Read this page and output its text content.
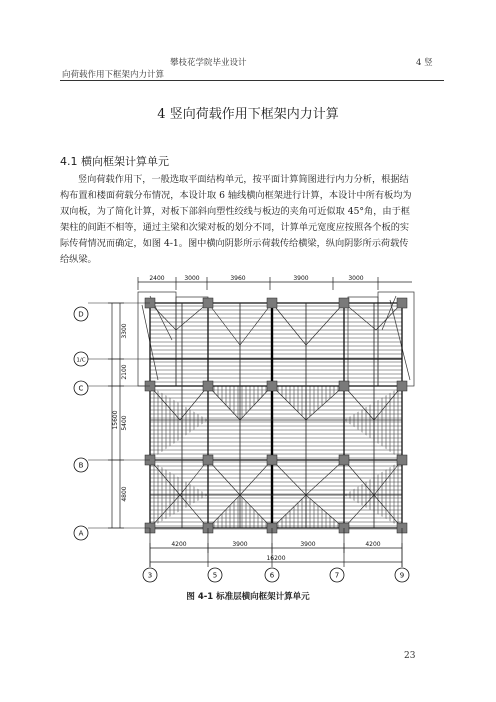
攀枝花学院毕业设计	4 竖
向荷载作用下框架内力计算
4 竖向荷载作用下框架内力计算
4.1 横向框架计算单元
竖向荷载作用下，一般选取平面结构单元，按平面计算简图进行内力分析，根据结
构布置和楼面荷载分布情况，本设计取 6 轴线横向框架进行计算，本设计中所有板均为
双向板，为了简化计算，对板下部斜向塑性绞线与板边的夹角可近似取 45°角，由于框
架柱的间距不相等，通过主梁和次梁对板的划分不同，计算单元宽度应按照各个板的实
际传荷情况而确定，如图 4-1。图中横向阴影所示荷载传给横梁，纵向阴影所示荷载传
给纵梁。
2400	3000	3960	3900	3000
3300
2100
5400
4800
15600
D
1/C
C
B
A
4200	3900	3900	4200
16200
3	5	6	7	9
图 4-1 标准层横向框架计算单元
23
